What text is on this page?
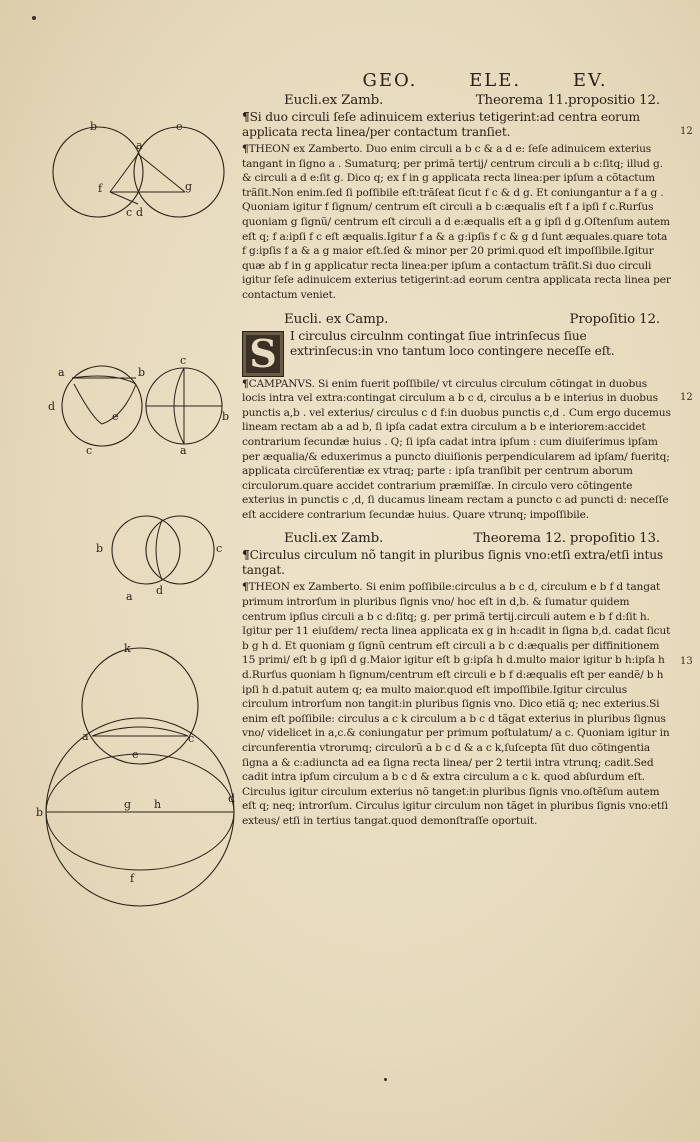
b	e
a
f	g
c d
a	b
d
e
c
c
b
a
b	c
d
a
k
a	c
e
b
g h	d
f
GEO.	ELE.	EV.
Eucli.ex Zamb.	Theorema 11.propositio 12.

¶Si duo circuli ſeſe adinuicem exterius tetigerint:ad centra eorum applicata recta linea/per contactum tranſiet.

¶THEON ex Zamberto. Duo enim circuli a b c & a d e: ſeſe adinuicem exterius tangant in ſigno a . Sumaturq; per primã tertij/ centrum circuli a b c:ſitq; illud g. & circuli a d e:ſit g. Dico q; ex f in g applicata recta linea:per ipſum a cõtactum trãſit.Non enim.ſed ſi poſſibile eſt:trãſeat ſicut f c & d g. Et coniungantur a f a g . Quoniam igitur f ſignum/ centrum eſt circuli a b c:æqualis eſt f a ipſi f c.Rurſus quoniam g ſignũ/ centrum eſt circuli a d e:æqualis eſt a g ipſi d g.Oſtenſum autem eſt q; f a:ipſi f c eſt æqualis.Igitur f a & a g:ipſis f c & g d ſunt æquales.quare tota f g:ipſis f a & a g maior eſt.ſed & minor per 20 primi.quod eſt impoſſibile.Igitur quæ ab f in g applicatur recta linea:per ipſum a contactum trãſit.Si duo circuli igitur ſeſe adinuicem exterius tetigerint:ad eorum centra applicata recta linea per contactum veniet.

Eucli. ex Camp.	Propoſitio 12.

S	I circulus circulnm contingat ſiue intrinſecus ſiue extrinſecus:in vno tantum loco contingere neceſſe eſt.

¶CAMPANVS. Si enim fuerit poſſibile/ vt circulus circulum cõtingat in duobus locis intra vel extra:contingat circulum a b c d, circulus a b e interius in duobus punctis a,b . vel exterius/ circulus c d f:in duobus punctis c,d . Cum ergo ducemus lineam rectam ab a ad b, ſi ipſa cadat extra circulum a b e interiorem:accidet contrarium ſecundæ huius . Q; ſi ipſa cadat intra ipſum : cum diuiſerimus ipſam per æqualia/& eduxerimus a puncto diuiſionis perpendicularem ad ipſam/ fueritq; applicata circũferentiæ ex vtraq; parte : ipſa tranſibit per centrum aborum circulorum.quare accidet contrarium præmiſſæ. In circulo vero cõtingente exterius in punctis c ,d, ſi ducamus lineam rectam a puncto c ad puncti d: neceſſe eſt accidere contrarium ſecundæ huius. Quare vtrunq; impoſſibile.

Eucli.ex Zamb.	Theorema 12. propoſitio 13.

¶Circulus circulum nõ tangit in pluribus ſignis vno:etſi extra/etſi intus tangat.

¶THEON ex Zamberto. Si enim poſſibile:circulus a b c d, circulum e b f d tangat primum introrſum in pluribus ſignis vno/ hoc eſt in d,b. & ſumatur quidem centrum ipſius circuli a b c d:ſitq; g. per primã tertij.circuli autem e b f d:ſit h. Igitur per 11 eiuſdem/ recta linea applicata ex g in h:cadit in ſigna b,d. cadat ſicut b g h d. Et quoniam g ſignũ centrum eſt circuli a b c d:æqualis per diffinitionem 15 primi/ eſt b g ipſi d g.Maior igitur eſt b g:ipſa h d.multo maior igitur b h:ipſa h d.Rurſus quoniam h ſignum/centrum eſt circuli e b f d:æqualis eſt per eandẽ/ b h ipſi h d.patuit autem q; ea multo maior.quod eſt impoſſibile.Igitur circulus circulum introrſum non tangit:in pluribus ſignis vno. Dico etiã q; nec exterius.Si enim eſt poſſibile: circulus a c k circulum a b c d tãgat exterius in pluribus ſignus vno/ videlicet in a,c.& coniungatur per primum poſtulatum/ a c. Quoniam igitur in circunferentia vtrorumq; circulorũ a b c d & a c k,ſuſcepta ſũt duo cõtingentia ſigna a & c:adiuncta ad ea ſigna recta linea/ per 2 tertii intra vtrunq; cadit.Sed cadit intra ipſum circulum a b c d & extra circulum a c k. quod abſurdum eſt. Circulus igitur circulum exterius nõ tanget:in pluribus ſignis vno.oſtẽſum autem eſt q; neq; introrſum. Circulus igitur circulum non tãget in pluribus ſignis vno:etſi exteus/ etſi in tertius tangat.quod demonſtraſſe oportuit.

12
12
13
